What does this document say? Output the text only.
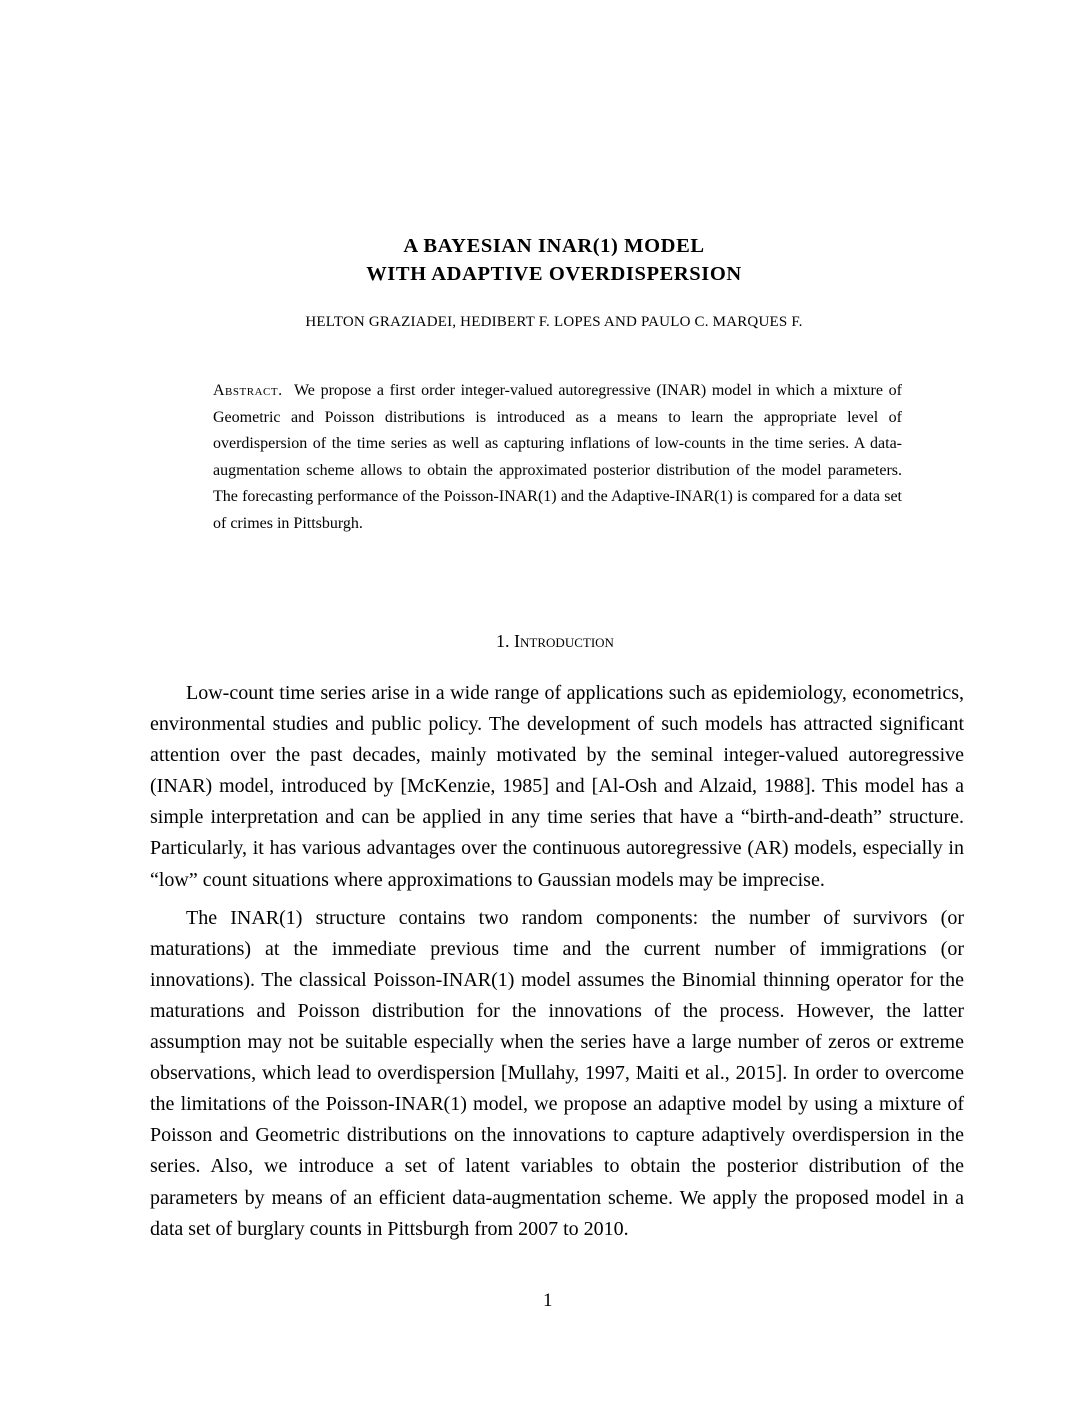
A BAYESIAN INAR(1) MODEL
WITH ADAPTIVE OVERDISPERSION
HELTON GRAZIADEI, HEDIBERT F. LOPES AND PAULO C. MARQUES F.
Abstract. We propose a first order integer-valued autoregressive (INAR) model in which a mixture of Geometric and Poisson distributions is introduced as a means to learn the appropriate level of overdispersion of the time series as well as capturing inflations of low-counts in the time series. A data-augmentation scheme allows to obtain the approximated posterior distribution of the model parameters. The forecasting performance of the Poisson-INAR(1) and the Adaptive-INAR(1) is compared for a data set of crimes in Pittsburgh.
1. Introduction

Low-count time series arise in a wide range of applications such as epidemiology, econometrics, environmental studies and public policy. The development of such models has attracted significant attention over the past decades, mainly motivated by the seminal integer-valued autoregressive (INAR) model, introduced by [McKenzie, 1985] and [Al-Osh and Alzaid, 1988]. This model has a simple interpretation and can be applied in any time series that have a “birth-and-death” structure. Particularly, it has various advantages over the continuous autoregressive (AR) models, especially in “low” count situations where approximations to Gaussian models may be imprecise.

The INAR(1) structure contains two random components: the number of survivors (or maturations) at the immediate previous time and the current number of immigrations (or innovations). The classical Poisson-INAR(1) model assumes the Binomial thinning operator for the maturations and Poisson distribution for the innovations of the process. However, the latter assumption may not be suitable especially when the series have a large number of zeros or extreme observations, which lead to overdispersion [Mullahy, 1997, Maiti et al., 2015]. In order to overcome the limitations of the Poisson-INAR(1) model, we propose an adaptive model by using a mixture of Poisson and Geometric distributions on the innovations to capture adaptively overdispersion in the series. Also, we introduce a set of latent variables to obtain the posterior distribution of the parameters by means of an efficient data-augmentation scheme. We apply the proposed model in a data set of burglary counts in Pittsburgh from 2007 to 2010.

1
